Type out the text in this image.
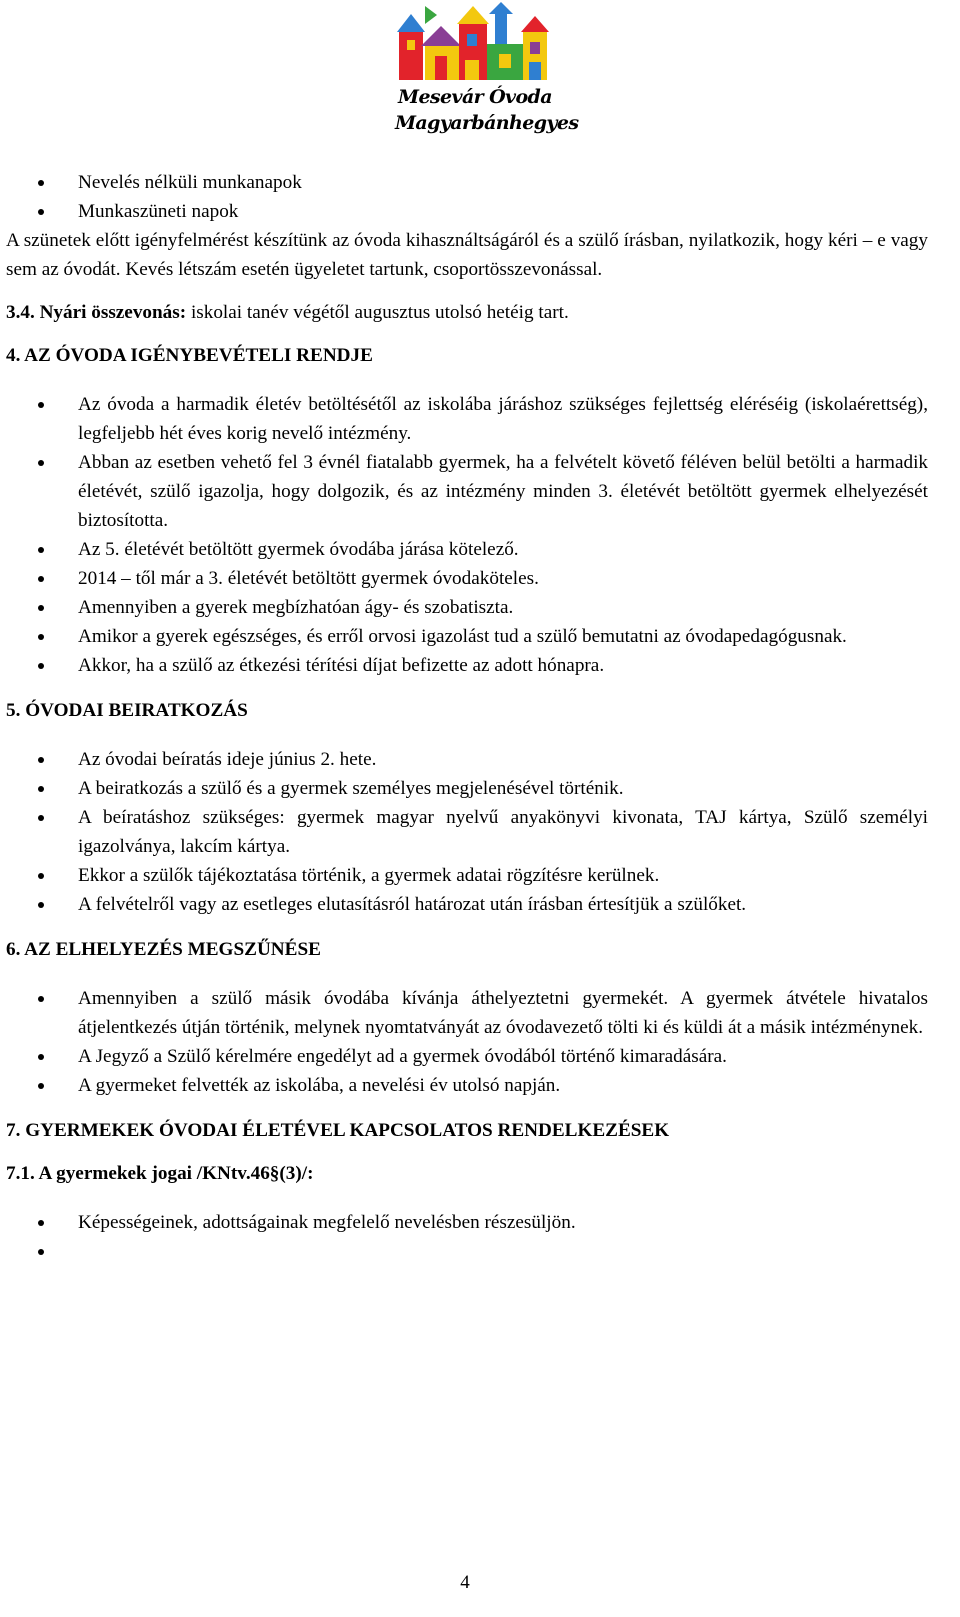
Mesevár Óvoda
Magyarbánhegyes
Nevelés nélküli munkanapok
Munkaszüneti napok

A szünetek előtt igényfelmérést készítünk az óvoda kihasználtságáról és a szülő írásban, nyilatkozik, hogy kéri – e vagy sem az óvodát. Kevés létszám esetén ügyeletet tartunk, csoportösszevonással.

3.4. Nyári összevonás: iskolai tanév végétől augusztus utolsó hetéig tart.

4. AZ ÓVODA IGÉNYBEVÉTELI RENDJE

Az óvoda a harmadik életév betöltésétől az iskolába járáshoz szükséges fejlettség eléréséig (iskolaérettség), legfeljebb hét éves korig nevelő intézmény.
Abban az esetben vehető fel 3 évnél fiatalabb gyermek, ha a felvételt követő féléven belül betölti a harmadik életévét, szülő igazolja, hogy dolgozik, és az intézmény minden 3. életévét betöltött gyermek elhelyezését biztosította.
Az 5. életévét betöltött gyermek óvodába járása kötelező.
2014 – től már a 3. életévét betöltött gyermek óvodaköteles.
Amennyiben a gyerek megbízhatóan ágy- és szobatiszta.
Amikor a gyerek egészséges, és erről orvosi igazolást tud a szülő bemutatni az óvodapedagógusnak.
Akkor, ha a szülő az étkezési térítési díjat befizette az adott hónapra.

5. ÓVODAI BEIRATKOZÁS

Az óvodai beíratás ideje június 2. hete.
A beiratkozás a szülő és a gyermek személyes megjelenésével történik.
A beíratáshoz szükséges: gyermek magyar nyelvű anyakönyvi kivonata, TAJ kártya, Szülő személyi igazolványa, lakcím kártya.
Ekkor a szülők tájékoztatása történik, a gyermek adatai rögzítésre kerülnek.
A felvételről vagy az esetleges elutasításról határozat után írásban értesítjük a szülőket.

6. AZ ELHELYEZÉS MEGSZŰNÉSE

Amennyiben a szülő másik óvodába kívánja áthelyeztetni gyermekét. A gyermek átvétele hivatalos átjelentkezés útján történik, melynek nyomtatványát az óvodavezető tölti ki és küldi át a másik intézménynek.
A Jegyző a Szülő kérelmére engedélyt ad a gyermek óvodából történő kimaradására.
A gyermeket felvették az iskolába, a nevelési év utolsó napján.

7. GYERMEKEK ÓVODAI ÉLETÉVEL KAPCSOLATOS RENDELKEZÉSEK

7.1. A gyermekek jogai /KNtv.46§(3)/:

Képességeinek, adottságainak megfelelő nevelésben részesüljön.

4
